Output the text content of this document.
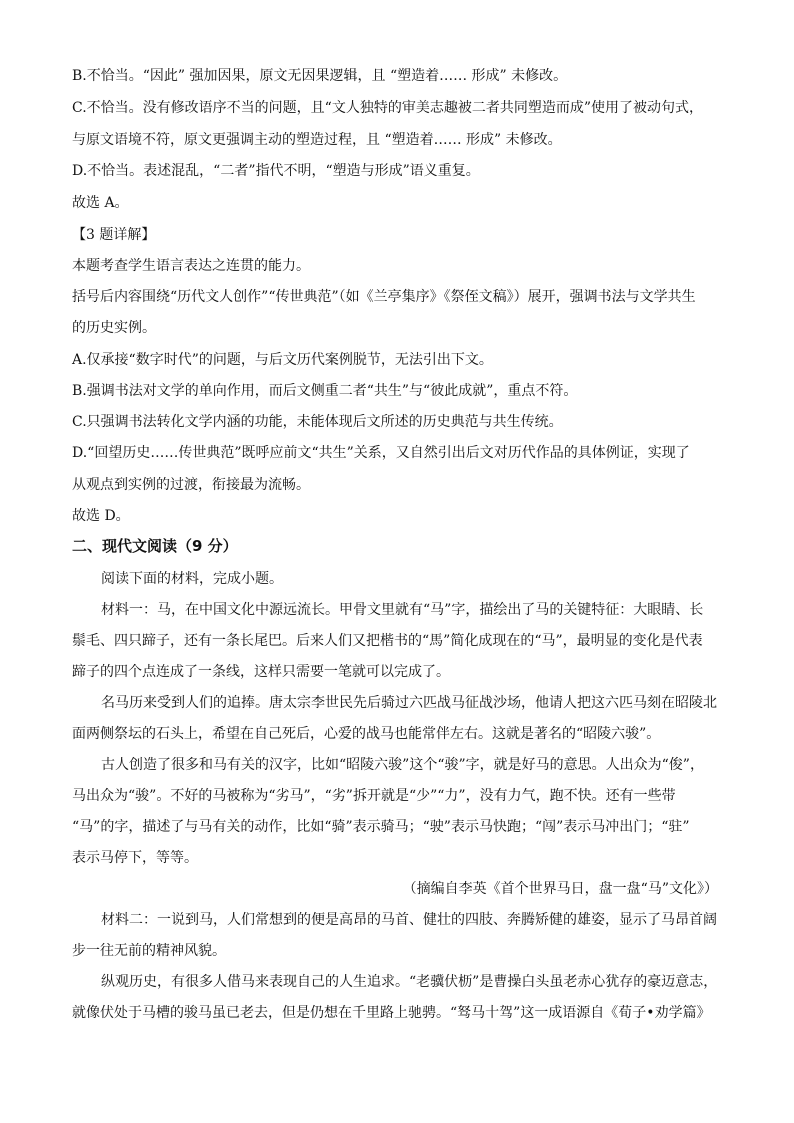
B.不恰当。“因此” 强加因果，原文无因果逻辑，且 “塑造着…… 形成” 未修改。
C.不恰当。没有修改语序不当的问题，且“文人独特的审美志趣被二者共同塑造而成”使用了被动句式，
与原文语境不符，原文更强调主动的塑造过程，且 “塑造着…… 形成” 未修改。
D.不恰当。表述混乱，“二者”指代不明，“塑造与形成”语义重复。
故选 A。
【3 题详解】
本题考查学生语言表达之连贯的能力。
括号后内容围绕“历代文人创作”“传世典范”（如《兰亭集序》《祭侄文稿》）展开，强调书法与文学共生
的历史实例。
A.仅承接“数字时代”的问题，与后文历代案例脱节，无法引出下文。
B.强调书法对文学的单向作用，而后文侧重二者“共生”与“彼此成就”，重点不符。
C.只强调书法转化文学内涵的功能，未能体现后文所述的历史典范与共生传统。
D.“回望历史……传世典范”既呼应前文“共生”关系，又自然引出后文对历代作品的具体例证，实现了
从观点到实例的过渡，衔接最为流畅。
故选 D。
二、现代文阅读（9 分）
阅读下面的材料，完成小题。
材料一：马，在中国文化中源远流长。甲骨文里就有“马”字，描绘出了马的关键特征：大眼睛、长
鬃毛、四只蹄子，还有一条长尾巴。后来人们又把楷书的“馬”简化成现在的“马”，最明显的变化是代表
蹄子的四个点连成了一条线，这样只需要一笔就可以完成了。
名马历来受到人们的追捧。唐太宗李世民先后骑过六匹战马征战沙场，他请人把这六匹马刻在昭陵北
面两侧祭坛的石头上，希望在自己死后，心爱的战马也能常伴左右。这就是著名的“昭陵六骏”。
古人创造了很多和马有关的汉字，比如“昭陵六骏”这个“骏”字，就是好马的意思。人出众为“俊”，
马出众为“骏”。不好的马被称为“劣马”，“劣”拆开就是“少”“力”，没有力气，跑不快。还有一些带
“马”的字，描述了与马有关的动作，比如“骑”表示骑马；“驶”表示马快跑；“闯”表示马冲出门；“驻”
表示马停下，等等。
（摘编自李英《首个世界马日，盘一盘“马”文化》）
材料二：一说到马，人们常想到的便是高昂的马首、健壮的四肢、奔腾矫健的雄姿，显示了马昂首阔
步一往无前的精神风貌。
纵观历史，有很多人借马来表现自己的人生追求。“老骥伏枥”是曹操白头虽老赤心犹存的豪迈意志，
就像伏处于马槽的骏马虽已老去，但是仍想在千里路上驰骋。“驽马十驾”这一成语源自《荀子•劝学篇》
